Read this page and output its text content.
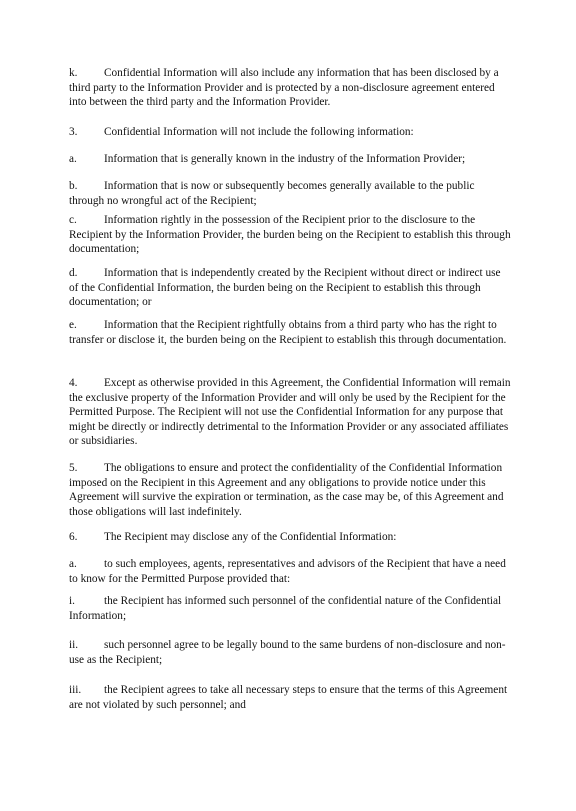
k. Confidential Information will also include any information that has been disclosed by a third party to the Information Provider and is protected by a non-disclosure agreement entered into between the third party and the Information Provider.

3. Confidential Information will not include the following information:

a. Information that is generally known in the industry of the Information Provider;

b. Information that is now or subsequently becomes generally available to the public through no wrongful act of the Recipient;

c. Information rightly in the possession of the Recipient prior to the disclosure to the Recipient by the Information Provider, the burden being on the Recipient to establish this through documentation;

d. Information that is independently created by the Recipient without direct or indirect use of the Confidential Information, the burden being on the Recipient to establish this through documentation; or

e. Information that the Recipient rightfully obtains from a third party who has the right to transfer or disclose it, the burden being on the Recipient to establish this through documentation.

4. Except as otherwise provided in this Agreement, the Confidential Information will remain the exclusive property of the Information Provider and will only be used by the Recipient for the Permitted Purpose. The Recipient will not use the Confidential Information for any purpose that might be directly or indirectly detrimental to the Information Provider or any associated affiliates or subsidiaries.

5. The obligations to ensure and protect the confidentiality of the Confidential Information imposed on the Recipient in this Agreement and any obligations to provide notice under this Agreement will survive the expiration or termination, as the case may be, of this Agreement and those obligations will last indefinitely.

6. The Recipient may disclose any of the Confidential Information:

a. to such employees, agents, representatives and advisors of the Recipient that have a need to know for the Permitted Purpose provided that:

i.	the Recipient has informed such personnel of the confidential nature of the Confidential Information;

ii. such personnel agree to be legally bound to the same burdens of non-disclosure and non-use as the Recipient;

iii. the Recipient agrees to take all necessary steps to ensure that the terms of this Agreement are not violated by such personnel; and
